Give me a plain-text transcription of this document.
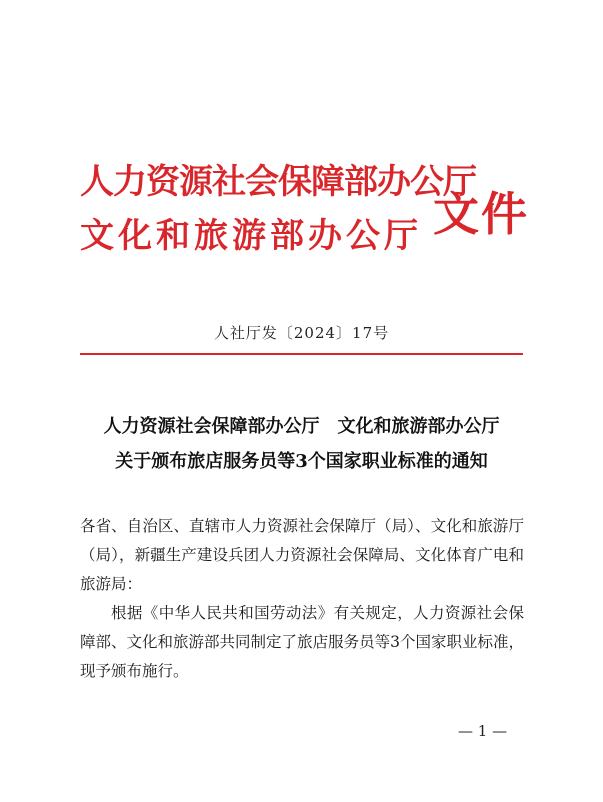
人力资源社会保障部办公厅
文化和旅游部办公厅 文件
人社厅发〔2024〕17号
人力资源社会保障部办公厅　文化和旅游部办公厅
关于颁布旅店服务员等3个国家职业标准的通知
各省、自治区、直辖市人力资源社会保障厅（局）、文化和旅游厅（局），新疆生产建设兵团人力资源社会保障局、文化体育广电和旅游局：
根据《中华人民共和国劳动法》有关规定，人力资源社会保障部、文化和旅游部共同制定了旅店服务员等3个国家职业标准，现予颁布施行。
— 1 —
